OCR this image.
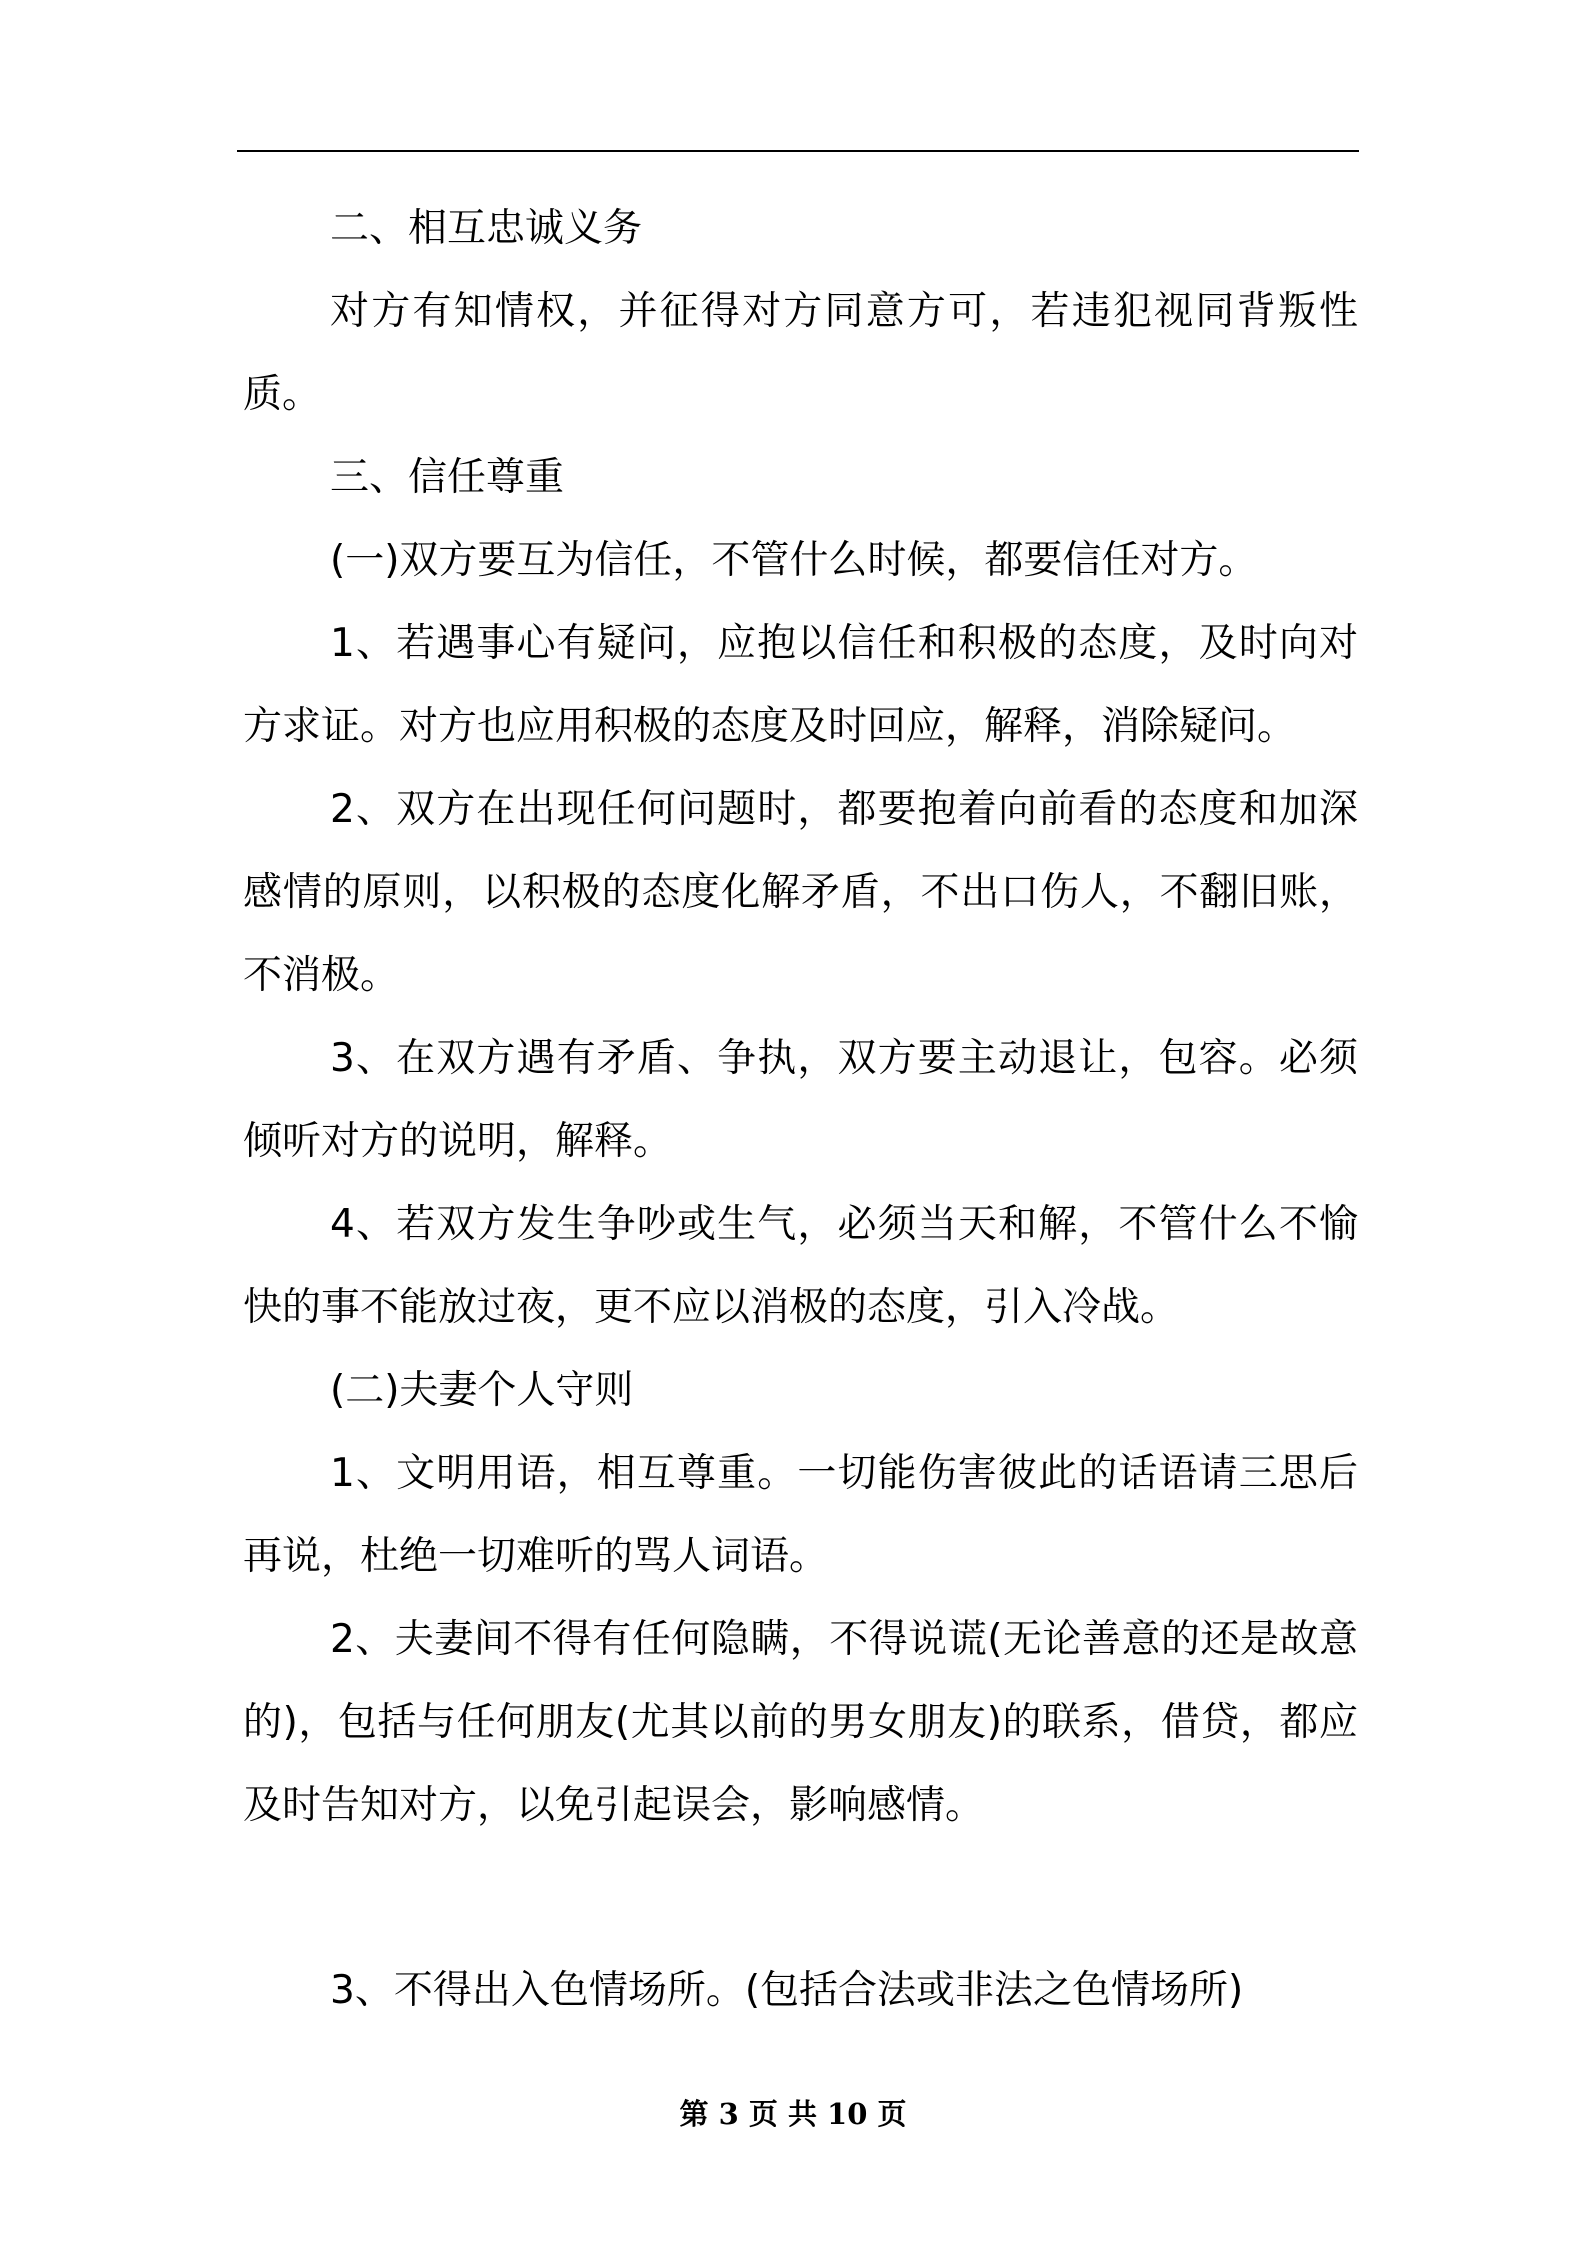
二、相互忠诚义务

对方有知情权，并征得对方同意方可，若违犯视同背叛性质。

三、信任尊重

(一)双方要互为信任，不管什么时候，都要信任对方。

1、若遇事心有疑问，应抱以信任和积极的态度，及时向对方求证。对方也应用积极的态度及时回应，解释，消除疑问。

2、双方在出现任何问题时，都要抱着向前看的态度和加深感情的原则，以积极的态度化解矛盾，不出口伤人，不翻旧账，不消极。

3、在双方遇有矛盾、争执，双方要主动退让，包容。必须倾听对方的说明，解释。

4、若双方发生争吵或生气，必须当天和解，不管什么不愉快的事不能放过夜，更不应以消极的态度，引入冷战。

(二)夫妻个人守则

1、文明用语，相互尊重。一切能伤害彼此的话语请三思后再说，杜绝一切难听的骂人词语。

2、夫妻间不得有任何隐瞒，不得说谎(无论善意的还是故意的)，包括与任何朋友(尤其以前的男女朋友)的联系，借贷，都应及时告知对方，以免引起误会，影响感情。

3、不得出入色情场所。(包括合法或非法之色情场所)

第 3 页 共 10 页
